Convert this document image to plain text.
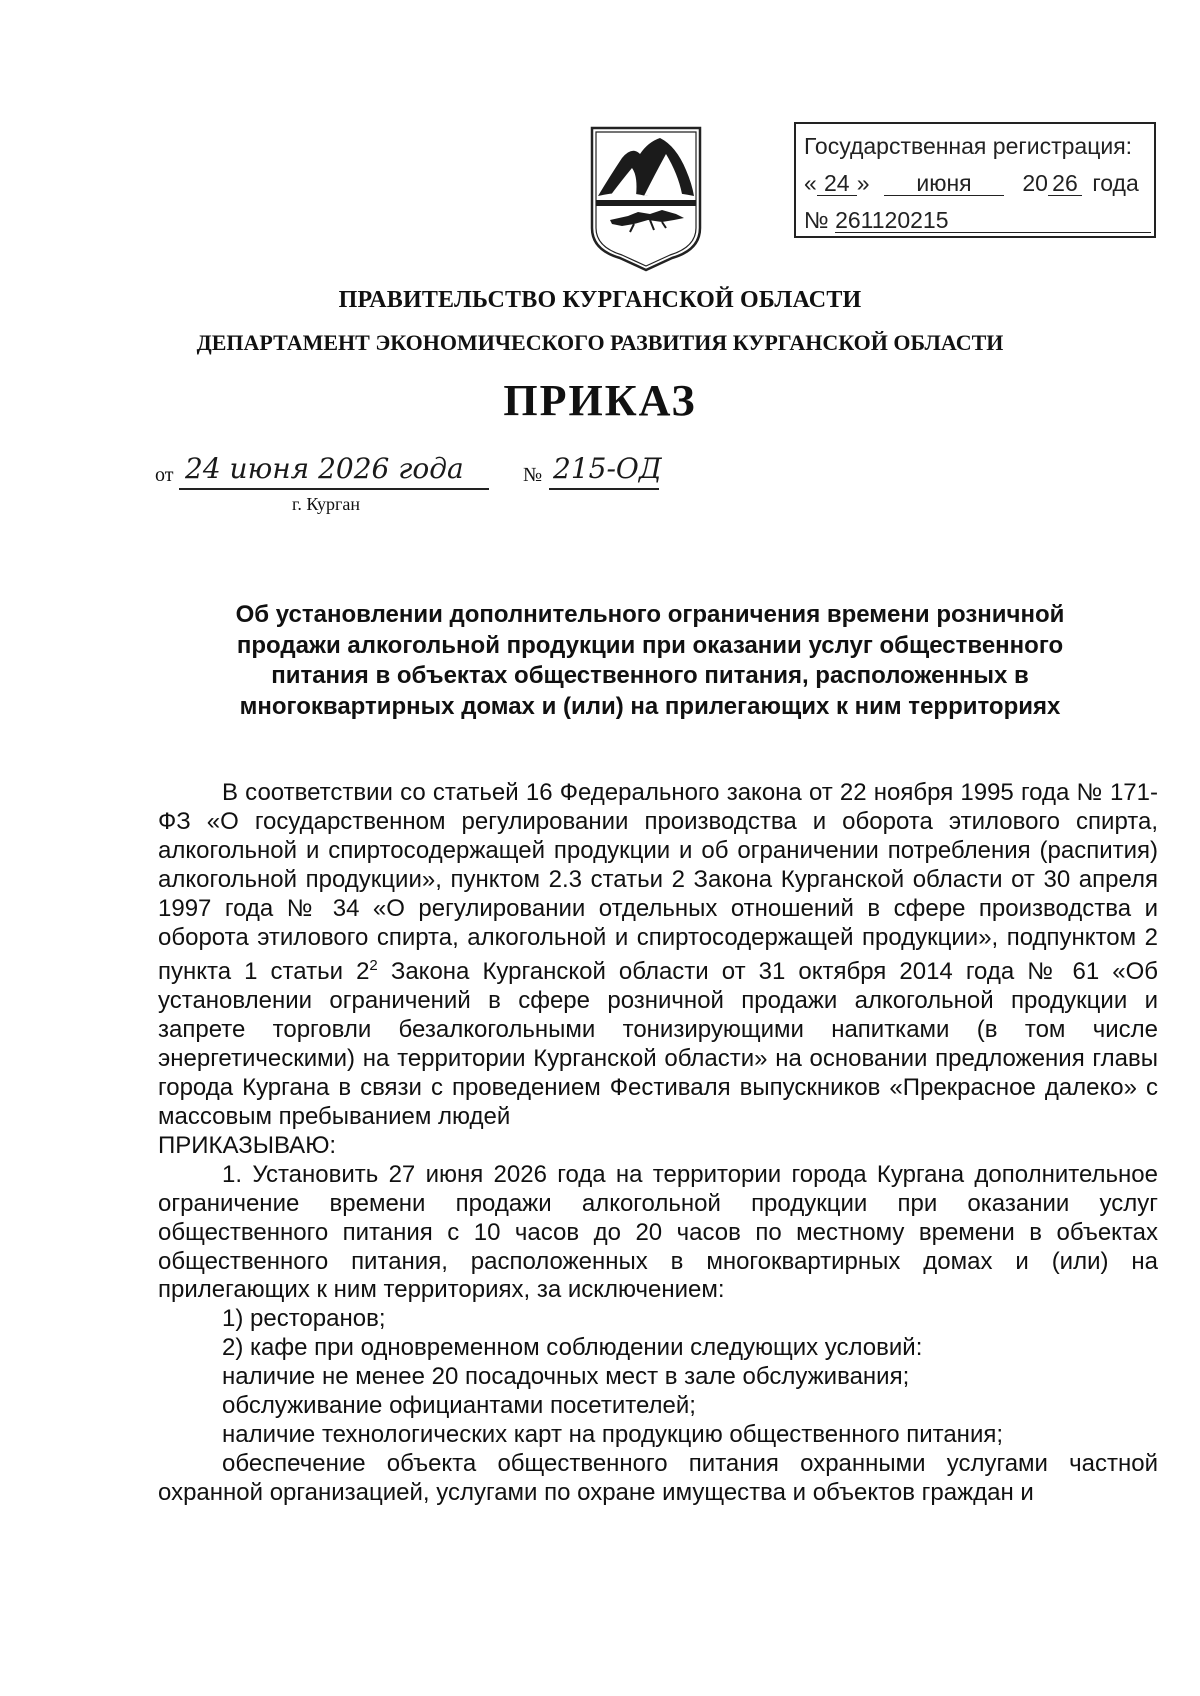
Государственная регистрация:
« 24 » июня 20 26 года
№ 261120215
ПРАВИТЕЛЬСТВО КУРГАНСКОЙ ОБЛАСТИ
ДЕПАРТАМЕНТ ЭКОНОМИЧЕСКОГО РАЗВИТИЯ КУРГАНСКОЙ ОБЛАСТИ
ПРИКАЗ
от 24 июня 2026 года	№ 215-ОД
г. Курган
Об установлении дополнительного ограничения времени розничной
продажи алкогольной продукции при оказании услуг общественного
питания в объектах общественного питания, расположенных в
многоквартирных домах и (или) на прилегающих к ним территориях

В соответствии со статьей 16 Федерального закона от 22 ноября 1995 года № 171-ФЗ «О государственном регулировании производства и оборота этилового спирта, алкогольной и спиртосодержащей продукции и об ограничении потребления (распития) алкогольной продукции», пунктом 2.3 статьи 2 Закона Курганской области от 30 апреля 1997 года № 34 «О регулировании отдельных отношений в сфере производства и оборота этилового спирта, алкогольной и спиртосодержащей продукции», подпунктом 2 пункта 1 статьи $2^2$ Закона Курганской области от 31 октября 2014 года № 61 «Об установлении ограничений в сфере розничной продажи алкогольной продукции и запрете торговли безалкогольными тонизирующими напитками (в том числе энергетическими) на территории Курганской области» на основании предложения главы города Кургана в связи с проведением Фестиваля выпускников «Прекрасное далеко» с массовым пребыванием людей

ПРИКАЗЫВАЮ:

1. Установить 27 июня 2026 года на территории города Кургана дополнительное ограничение времени продажи алкогольной продукции при оказании услуг общественного питания с 10 часов до 20 часов по местному времени в объектах общественного питания, расположенных в многоквартирных домах и (или) на прилегающих к ним территориях, за исключением:

1) ресторанов;

2) кафе при одновременном соблюдении следующих условий:

наличие не менее 20 посадочных мест в зале обслуживания;

обслуживание официантами посетителей;

наличие технологических карт на продукцию общественного питания;

обеспечение объекта общественного питания охранными услугами частной охранной организацией, услугами по охране имущества и объектов граждан и
